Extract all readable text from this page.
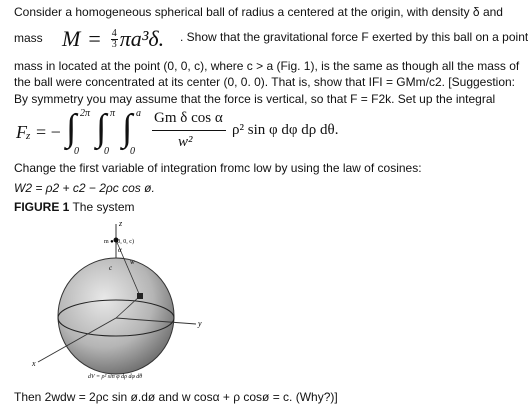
Consider a homogeneous spherical ball of radius a centered at the origin, with density δ and
mass $M = \frac{4}{3} \pi a^3\delta$. . Show that the gravitational force F exerted by this ball on a point
mass in located at the point (0, 0, c), where c > a (Fig. 1), is the same as though all the mass of
the ball were concentrated at its center (0, 0. 0). That is, show that IFI = GMm/c2. [Suggestion:
By symmetry you may assume that the force is vertical, so that F = F2k. Set up the integral
F z = − ∫ 2π
0
∫ π
0
∫ a
0
Gm δ cos α
w²
ρ² sin φ dφ dρ dθ.
Change the first variable of integration fromc low by using the law of cosines:
W2 = ρ2 + c2 − 2ρc cos ø.
FIGURE 1 The system
z
m ● (0, 0, c)
c
w
α
y
x
dV = ρ² sin φ dρ dφ dθ
Then 2wdw = 2ρc sin ø.dø and w cosα + ρ cosø = c. (Why?)]
